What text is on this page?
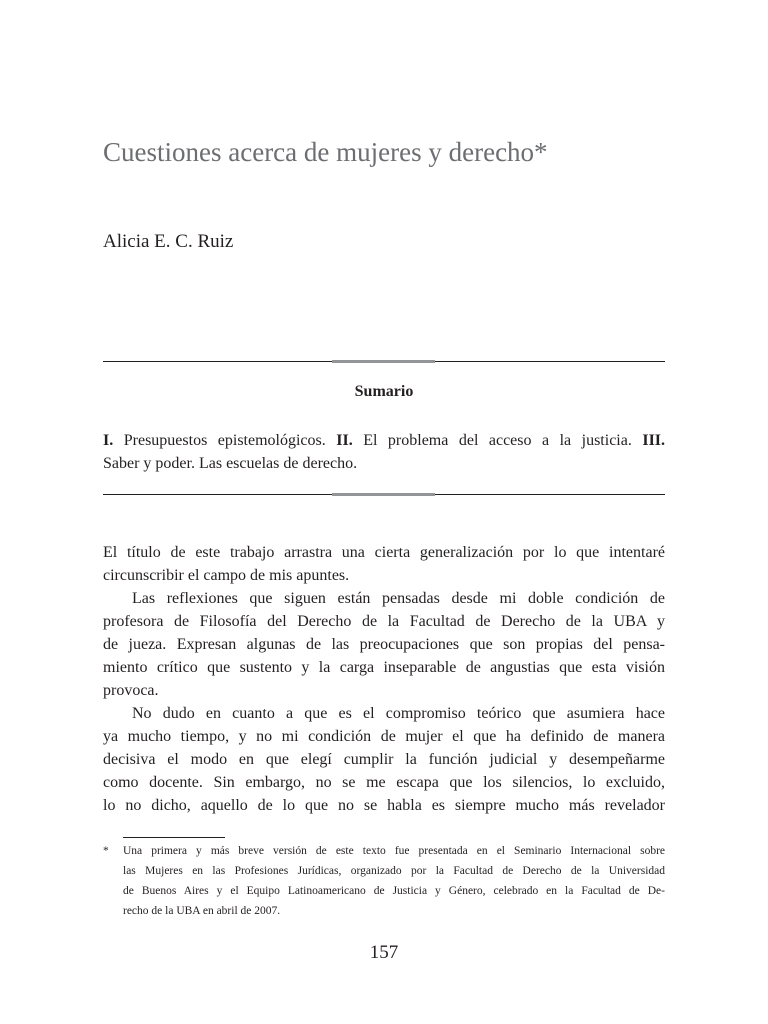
Cuestiones acerca de mujeres y derecho*
Alicia E. C. Ruiz
Sumario
I. Presupuestos epistemológicos. II. El problema del acceso a la justicia. III.
Saber y poder. Las escuelas de derecho.
El título de este trabajo arrastra una cierta generalización por lo que intentaré
circunscribir el campo de mis apuntes.
Las reflexiones que siguen están pensadas desde mi doble condición de
profesora de Filosofía del Derecho de la Facultad de Derecho de la UBA y
de jueza. Expresan algunas de las preocupaciones que son propias del pensa-
miento crítico que sustento y la carga inseparable de angustias que esta visión
provoca.
No dudo en cuanto a que es el compromiso teórico que asumiera hace
ya mucho tiempo, y no mi condición de mujer el que ha definido de manera
decisiva el modo en que elegí cumplir la función judicial y desempeñarme
como docente. Sin embargo, no se me escapa que los silencios, lo excluido,
lo no dicho, aquello de lo que no se habla es siempre mucho más revelador
* Una primera y más breve versión de este texto fue presentada en el Seminario Internacional sobre
las Mujeres en las Profesiones Jurídicas, organizado por la Facultad de Derecho de la Universidad
de Buenos Aires y el Equipo Latinoamericano de Justicia y Género, celebrado en la Facultad de De-
recho de la UBA en abril de 2007.
157
